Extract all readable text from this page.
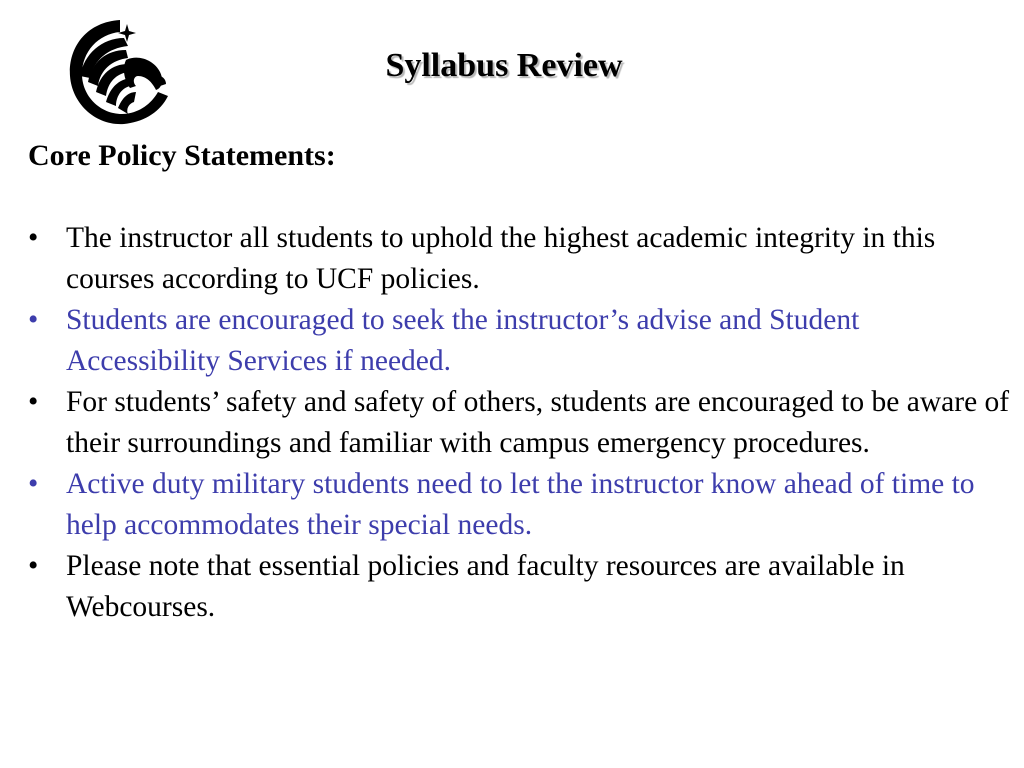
Syllabus Review

Core Policy Statements:

• The instructor all students to uphold the highest academic integrity in this courses according to UCF policies.
• Students are encouraged to seek the instructor’s advise and Student Accessibility Services if needed.
• For students’ safety and safety of others, students are encouraged to be aware of their surroundings and familiar with campus emergency procedures.
• Active duty military students need to let the instructor know ahead of time to help accommodates their special needs.
• Please note that essential policies and faculty resources are available in Webcourses.
